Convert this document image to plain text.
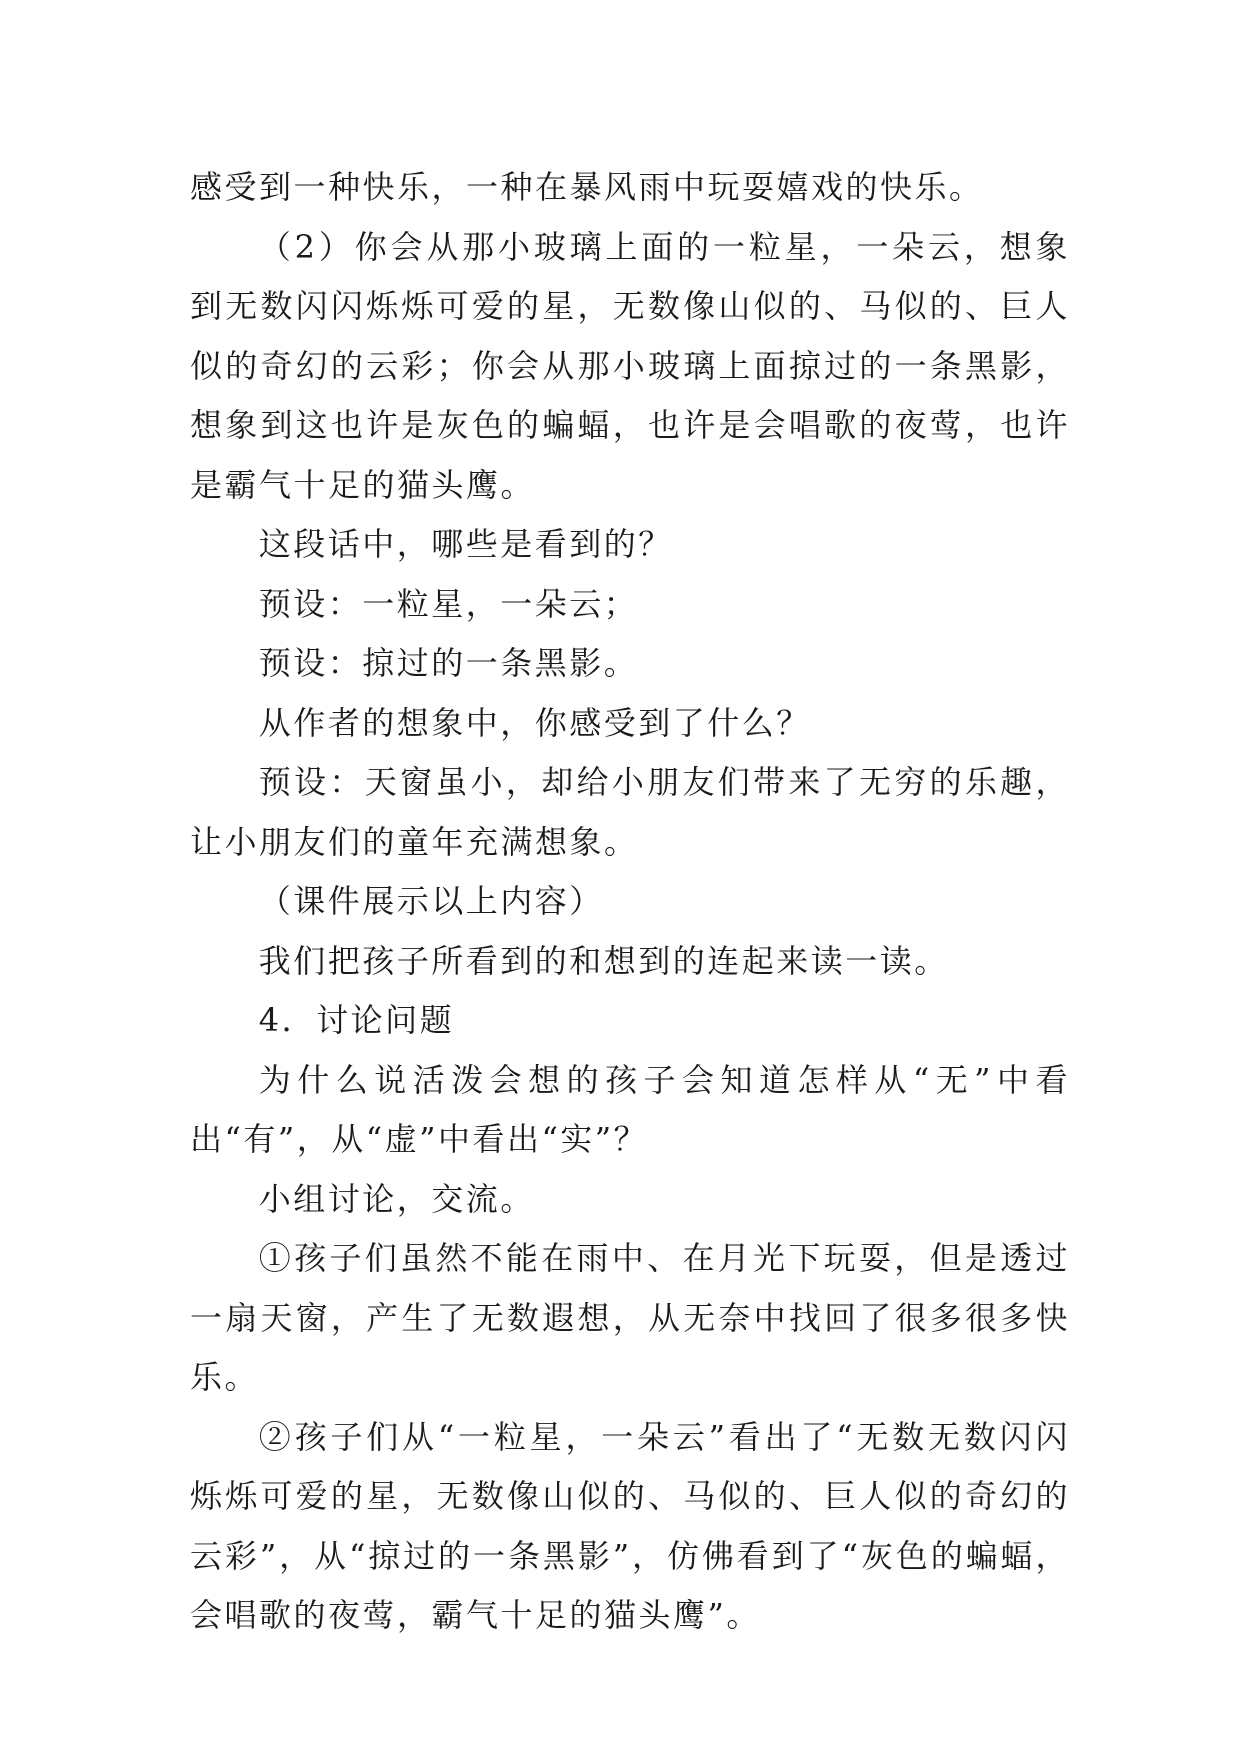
感受到一种快乐，一种在暴风雨中玩耍嬉戏的快乐。

（2）你会从那小玻璃上面的一粒星，一朵云，想象到无数闪闪烁烁可爱的星，无数像山似的、马似的、巨人似的奇幻的云彩；你会从那小玻璃上面掠过的一条黑影，想象到这也许是灰色的蝙蝠，也许是会唱歌的夜莺，也许是霸气十足的猫头鹰。

这段话中，哪些是看到的？

预设：一粒星，一朵云；

预设：掠过的一条黑影。

从作者的想象中，你感受到了什么？

预设：天窗虽小，却给小朋友们带来了无穷的乐趣，让小朋友们的童年充满想象。

（课件展示以上内容）

我们把孩子所看到的和想到的连起来读一读。

4．讨论问题

为什么说活泼会想的孩子会知道怎样从“无”中看出“有”，从“虚”中看出“实”？

小组讨论，交流。

①孩子们虽然不能在雨中、在月光下玩耍，但是透过一扇天窗，产生了无数遐想，从无奈中找回了很多很多快乐。

②孩子们从“一粒星，一朵云”看出了“无数无数闪闪烁烁可爱的星，无数像山似的、马似的、巨人似的奇幻的云彩”，从“掠过的一条黑影”，仿佛看到了“灰色的蝙蝠，会唱歌的夜莺，霸气十足的猫头鹰”。
